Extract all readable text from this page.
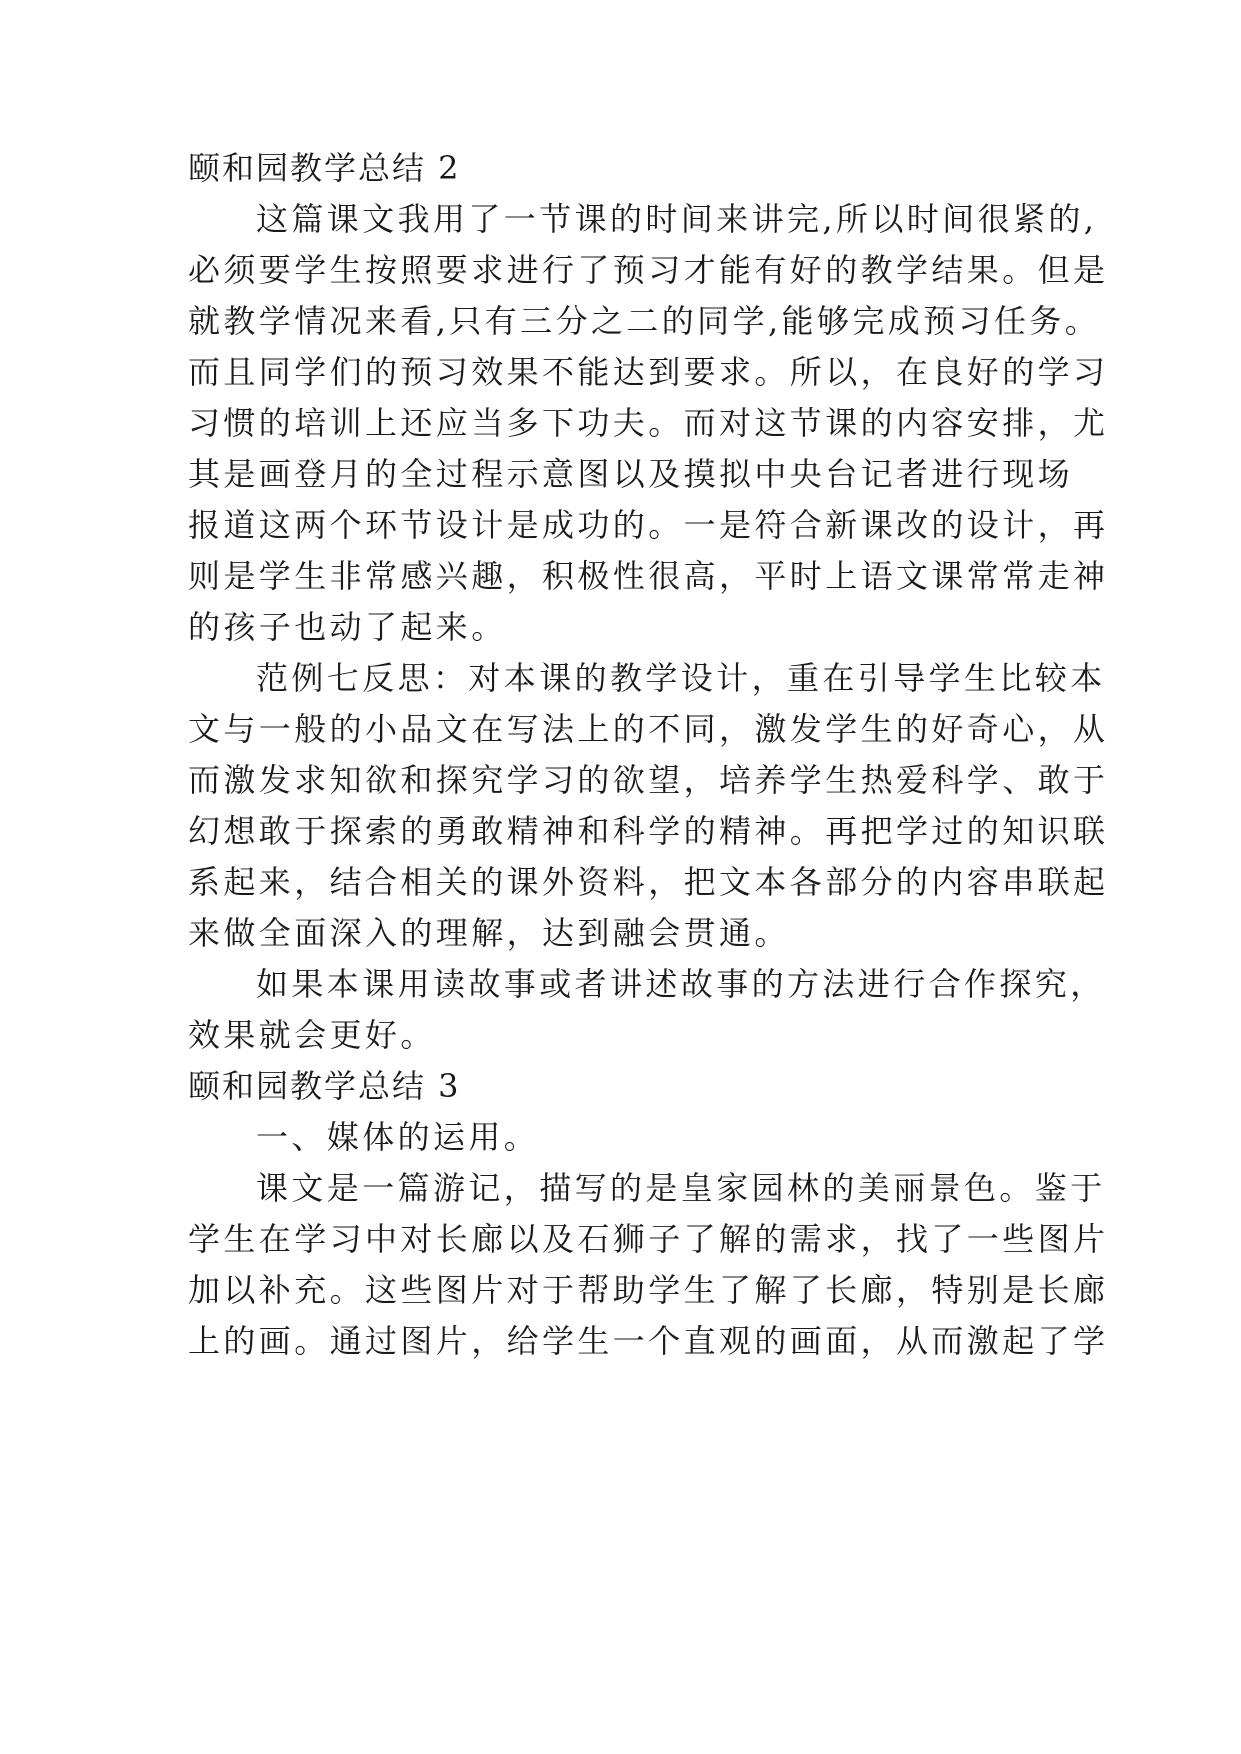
颐和园教学总结 2
这篇课文我用了一节课的时间来讲完,所以时间很紧的,
必须要学生按照要求进行了预习才能有好的教学结果。但是
就教学情况来看,只有三分之二的同学,能够完成预习任务。
而且同学们的预习效果不能达到要求。所以，在良好的学习
习惯的培训上还应当多下功夫。而对这节课的内容安排，尤
其是画登月的全过程示意图以及摸拟中央台记者进行现场
报道这两个环节设计是成功的。一是符合新课改的设计，再
则是学生非常感兴趣，积极性很高，平时上语文课常常走神
的孩子也动了起来。
范例七反思：对本课的教学设计，重在引导学生比较本
文与一般的小品文在写法上的不同，激发学生的好奇心，从
而激发求知欲和探究学习的欲望，培养学生热爱科学、敢于
幻想敢于探索的勇敢精神和科学的精神。再把学过的知识联
系起来，结合相关的课外资料，把文本各部分的内容串联起
来做全面深入的理解，达到融会贯通。
如果本课用读故事或者讲述故事的方法进行合作探究，
效果就会更好。
颐和园教学总结 3
一、媒体的运用。
课文是一篇游记，描写的是皇家园林的美丽景色。鉴于
学生在学习中对长廊以及石狮子了解的需求，找了一些图片
加以补充。这些图片对于帮助学生了解了长廊，特别是长廊
上的画。通过图片，给学生一个直观的画面，从而激起了学
